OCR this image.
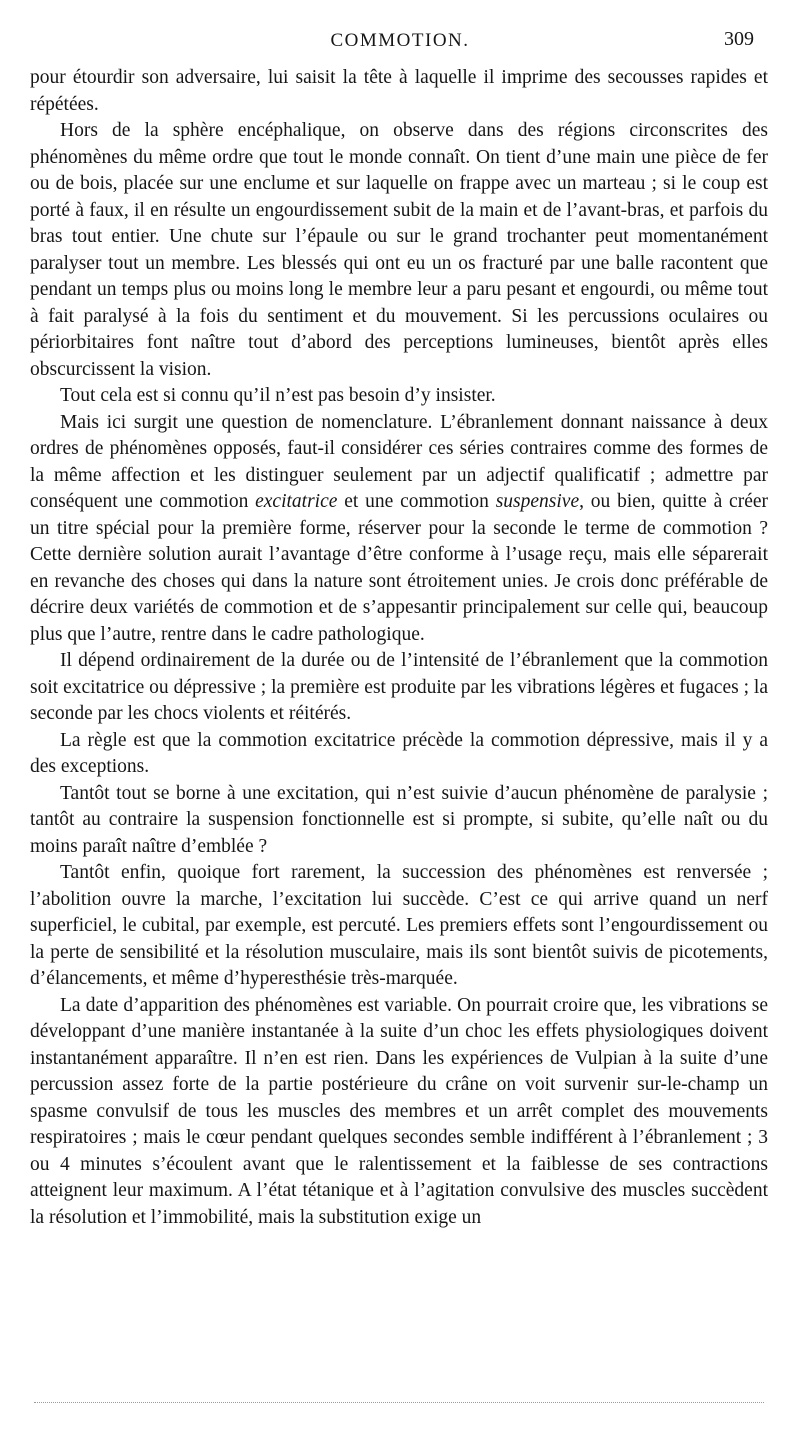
COMMOTION.	309

pour étourdir son adversaire, lui saisit la tête à laquelle il imprime des secousses rapides et répétées.

Hors de la sphère encéphalique, on observe dans des régions circonscrites des phénomènes du même ordre que tout le monde connaît. On tient d’une main une pièce de fer ou de bois, placée sur une enclume et sur laquelle on frappe avec un marteau ; si le coup est porté à faux, il en résulte un engourdissement subit de la main et de l’avant-bras, et parfois du bras tout entier. Une chute sur l’épaule ou sur le grand trochanter peut momentanément paralyser tout un membre. Les blessés qui ont eu un os fracturé par une balle racontent que pendant un temps plus ou moins long le membre leur a paru pesant et engourdi, ou même tout à fait paralysé à la fois du sentiment et du mouvement. Si les percussions oculaires ou périorbitaires font naître tout d’abord des perceptions lumineuses, bientôt après elles obscurcissent la vision.

Tout cela est si connu qu’il n’est pas besoin d’y insister.

Mais ici surgit une question de nomenclature. L’ébranlement donnant naissance à deux ordres de phénomènes opposés, faut-il considérer ces séries contraires comme des formes de la même affection et les distinguer seulement par un adjectif qualificatif ; admettre par conséquent une commotion excitatrice et une commotion suspensive, ou bien, quitte à créer un titre spécial pour la première forme, réserver pour la seconde le terme de commotion ? Cette dernière solution aurait l’avantage d’être conforme à l’usage reçu, mais elle séparerait en revanche des choses qui dans la nature sont étroitement unies. Je crois donc préférable de décrire deux variétés de commotion et de s’appesantir principalement sur celle qui, beaucoup plus que l’autre, rentre dans le cadre pathologique.

Il dépend ordinairement de la durée ou de l’intensité de l’ébranlement que la commotion soit excitatrice ou dépressive ; la première est produite par les vibrations légères et fugaces ; la seconde par les chocs violents et réitérés.

La règle est que la commotion excitatrice précède la commotion dépressive, mais il y a des exceptions.

Tantôt tout se borne à une excitation, qui n’est suivie d’aucun phénomène de paralysie ; tantôt au contraire la suspension fonctionnelle est si prompte, si subite, qu’elle naît ou du moins paraît naître d’emblée ?

Tantôt enfin, quoique fort rarement, la succession des phénomènes est renversée ; l’abolition ouvre la marche, l’excitation lui succède. C’est ce qui arrive quand un nerf superficiel, le cubital, par exemple, est percuté. Les premiers effets sont l’engourdissement ou la perte de sensibilité et la résolution musculaire, mais ils sont bientôt suivis de picotements, d’élancements, et même d’hyperesthésie très-marquée.

La date d’apparition des phénomènes est variable. On pourrait croire que, les vibrations se développant d’une manière instantanée à la suite d’un choc les effets physiologiques doivent instantanément apparaître. Il n’en est rien. Dans les expériences de Vulpian à la suite d’une percussion assez forte de la partie postérieure du crâne on voit survenir sur-le-champ un spasme convulsif de tous les muscles des membres et un arrêt complet des mouvements respiratoires ; mais le cœur pendant quelques secondes semble indifférent à l’ébranlement ; 3 ou 4 minutes s’écoulent avant que le ralentissement et la faiblesse de ses contractions atteignent leur maximum. A l’état tétanique et à l’agitation convulsive des muscles succèdent la résolution et l’immobilité, mais la substitution exige un
